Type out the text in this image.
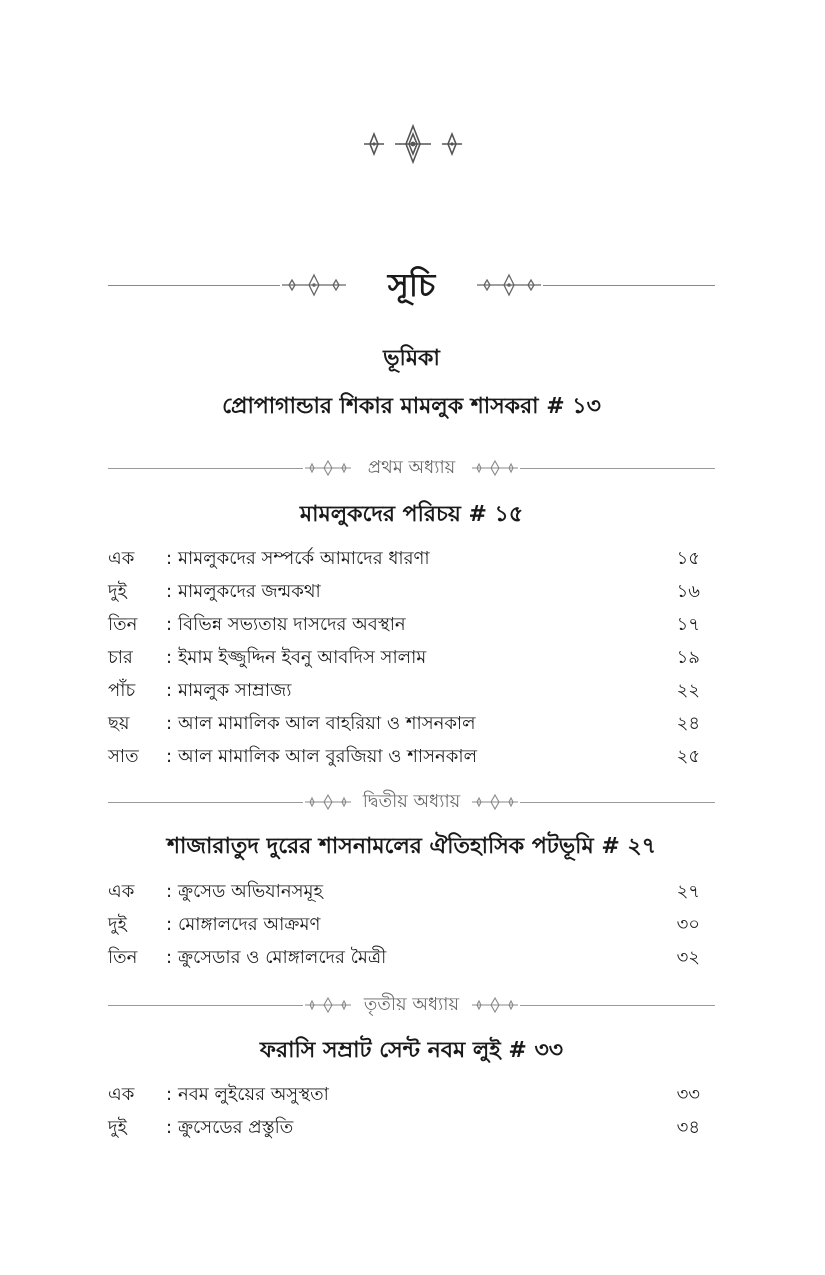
সূচি
ভূমিকা
প্রোপাগান্ডার শিকার মামলুক শাসকরা # ১৩
প্রথম অধ্যায়
মামলুকদের পরিচয় # ১৫
এক : মামলুকদের সম্পর্কে আমাদের ধারণা	১৫
দুই : মামলুকদের জন্মকথা	১৬
তিন : বিভিন্ন সভ্যতায় দাসদের অবস্থান	১৭
চার : ইমাম ইজ্জুদ্দিন ইবনু আবদিস সালাম	১৯
পাঁচ : মামলুক সাম্রাজ্য	২২
ছয় : আল মামালিক আল বাহরিয়া ও শাসনকাল	২৪
সাত : আল মামালিক আল বুরজিয়া ও শাসনকাল	২৫
দ্বিতীয় অধ্যায়
শাজারাতুদ দুরের শাসনামলের ঐতিহাসিক পটভূমি # ২৭
এক : ক্রুসেড অভিযানসমূহ	২৭
দুই : মোঙ্গালদের আক্রমণ	৩০
তিন : ক্রুসেডার ও মোঙ্গালদের মৈত্রী	৩২
তৃতীয় অধ্যায়
ফরাসি সম্রাট সেন্ট নবম লুই # ৩৩
এক : নবম লুইয়ের অসুস্থতা	৩৩
দুই : ক্রুসেডের প্রস্তুতি	৩৪
